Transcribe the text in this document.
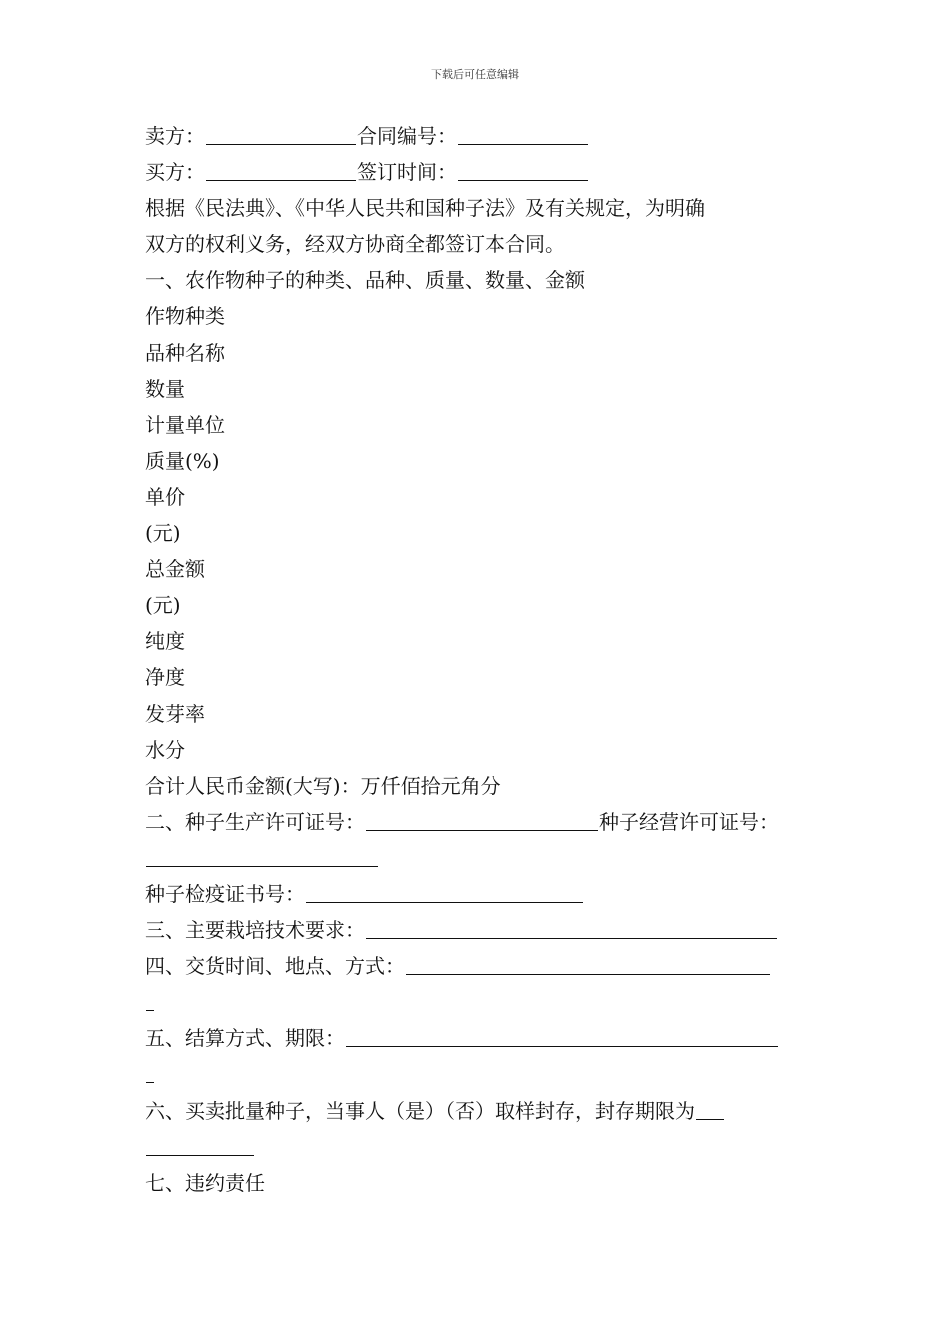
下载后可任意编辑
卖方：	合同编号：
买方：	签订时间：
根据《民法典》、《中华人民共和国种子法》及有关规定，为明确
双方的权利义务，经双方协商全都签订本合同。
一、农作物种子的种类、品种、质量、数量、金额
作物种类
品种名称
数量
计量单位
质量(%)
单价
(元)
总金额
(元)
纯度
净度
发芽率
水分
合计人民币金额(大写)：万仟佰拾元角分
二、种子生产许可证号：	种子经营许可证号：
种子检疫证书号：
三、主要栽培技术要求：
四、交货时间、地点、方式：
五、结算方式、期限：
六、买卖批量种子，当事人（是）（否）取样封存，封存期限为
七、违约责任
